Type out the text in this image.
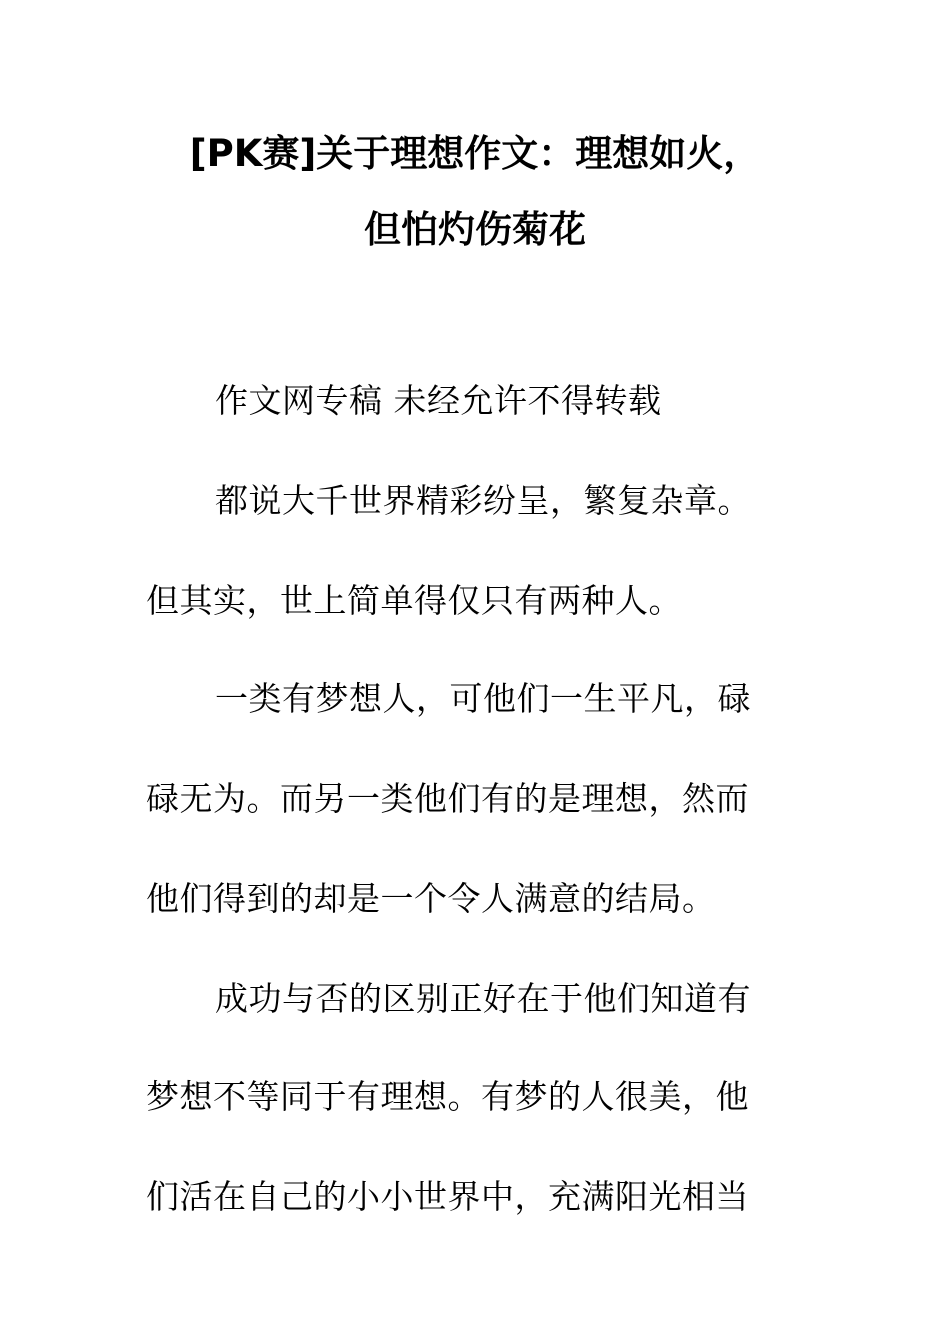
[PK赛]关于理想作文：理想如火，
但怕灼伤菊花
作文网专稿 未经允许不得转载
都说大千世界精彩纷呈，繁复杂章。
但其实，世上简单得仅只有两种人。
一类有梦想人，可他们一生平凡，碌
碌无为。而另一类他们有的是理想，然而
他们得到的却是一个令人满意的结局。
成功与否的区别正好在于他们知道有
梦想不等同于有理想。有梦的人很美，他
们活在自己的小小世界中，充满阳光相当
